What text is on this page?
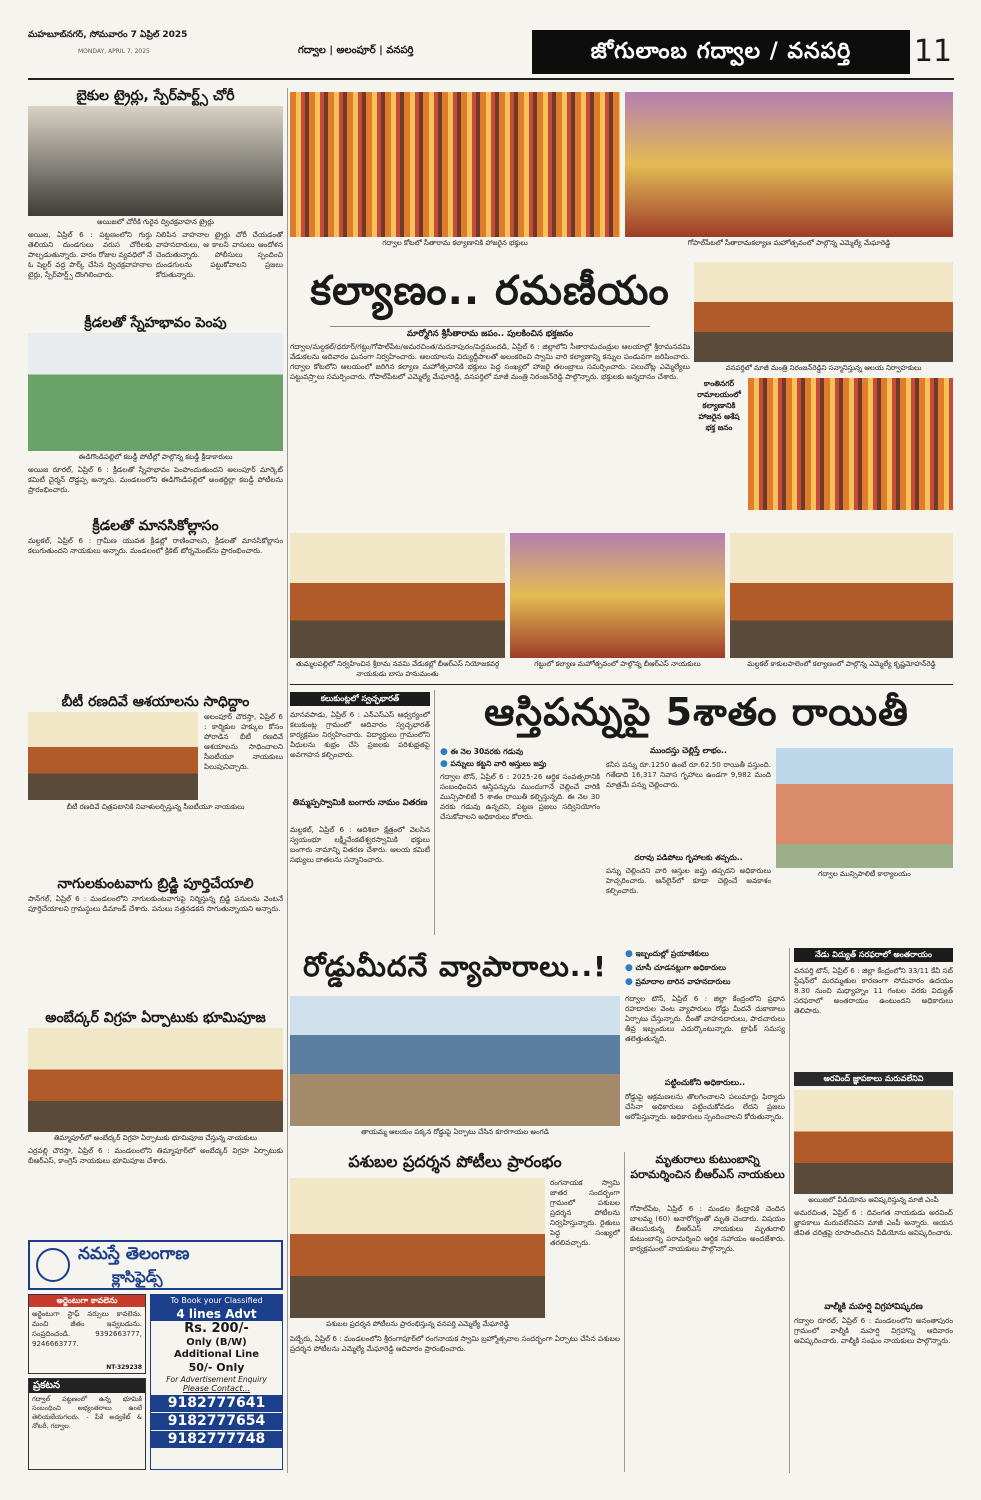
మహబూబ్‌నగర్, సోమవారం 7 ఏప్రిల్ 2025
MONDAY, APRIL 7, 2025	గద్వాల | అలంపూర్ | వనపర్తి	జోగులాంబ గద్వాల / వనపర్తి	11
బైకుల ట్రైర్లు, స్పేర్‌పార్ట్స్ చోరీ
అయిజలో చోరీకి గురైన ద్విచక్రవాహన ట్రైర్లు
అయిజ, ఏప్రిల్ 6 : పట్టణంలోని గుర్తు తెలియని దుండగులు వరుస చోరీలకు పాల్పడుతున్నారు. వారం రోజుల వ్యవధిలో నే ఓ షెల్టర్ వద్ద పార్క్‌ చేసిన ద్విచక్రవాహనాల టైర్లు, స్పేర్‌పార్ట్స్ దొంగిలించారు.
నిలిపిన వాహనాల ట్రైర్లు చోరీ చేయడంతో వాహనదారులు, ఆ కాలనీ వాసులు ఆందోళన చెందుతున్నారు. పోలీసులు స్పందించి దుండగులను పట్టుకోవాలని ప్రజలు కోరుతున్నారు.
క్రీడలతో స్నేహభావం పెంపు
ఈడిగొండిపల్లిలో కబడ్డీ పోటీల్లో పాల్గొన్న కబడ్డీ క్రీడాకారులు
అయిజ రూరల్, ఏప్రిల్ 6 : క్రీడలతో స్నేహభావం పెంపొందుతుందని అలంపూర్ మార్కెట్ కమిటీ చైర్మన్ దొడ్డప్ప అన్నారు. మండలంలోని ఈడిగొండిపల్లిలో అంతర్జిల్లా కబడ్డీ పోటీలను ప్రారంభించారు.
క్రీడలతో మానసికోల్లాసం
మల్దకల్, ఏప్రిల్ 6 : గ్రామీణ యువత క్రీడల్లో రాణించాలని, క్రీడలతో మానసికోల్లాసం కలుగుతుందని నాయకులు అన్నారు. మండలంలో క్రికెట్ టోర్నమెంట్‌ను ప్రారంభించారు.
బీటీ రణదివే ఆశయాలను సాధిద్దాం
అలంపూర్ చౌరస్తా, ఏప్రిల్ 6 : కార్మికుల హక్కుల కోసం పోరాడిన బీటీ రణదివే ఆశయాలను సాధించాలని సీఐటీయూ నాయకులు పిలుపునిచ్చారు.
బీటీ రణదివే చిత్రపటానికి నివాళులర్పిస్తున్న సీఐటీయూ నాయకులు
నాగులకుంటవాగు బ్రిడ్జి పూర్తిచేయాలి
పాన్‌గల్, ఏప్రిల్ 6 : మండలంలోని నాగులకుంటవాగుపై నిర్మిస్తున్న బ్రిడ్జి పనులను వెంటనే పూర్తిచేయాలని గ్రామస్థులు డిమాండ్ చేశారు. పనులు నత్తనడకన సాగుతున్నాయని అన్నారు.
అంబేద్కర్ విగ్రహ ఏర్పాటుకు భూమిపూజ
తిమ్మాపూర్‌లో అంబేద్కర్ విగ్రహ ఏర్పాటుకు భూమిపూజ చేస్తున్న నాయకులు
ఎర్రవల్లి చౌరస్తా, ఏప్రిల్ 6 : మండలంలోని తిమ్మాపూర్‌లో అంబేద్కర్ విగ్రహ ఏర్పాటుకు బీఆర్‌ఎస్, కాంగ్రెస్ నాయకులు భూమిపూజ చేశారు.
నమస్తే తెలంగాణ
క్లాసిఫైడ్స్
అర్జెంటుగా కావలెను
అర్జెంటుగా స్టాఫ్ నర్సులు కావలెను. మంచి జీతం ఇవ్వబడును. సంప్రదించండి. 9392663777, 9246663777.
NT-329238
ప్రకటన
గద్వాల్ పట్టణంలో ఉన్న భూమికి సంబంధించి అభ్యంతరాలు ఉంటే తెలియజేయగలరు. - పీకే అడ్వకేట్ & నోటరీ, గద్వాల.
To Book your Classified
4 lines Advt
Rs. 200/-
Only (B/W)
Additional Line
50/- Only
For Advertisement Enquiry
Please Contact...
9182777641
9182777654
9182777748
గద్వాల కోటలో సీతారామ కల్యాణానికి హాజరైన భక్తులు	గోపాల్‌పేటలో సీతారామకల్యాణ మహోత్సవంలో పాల్గొన్న ఎమ్మెల్యే మేఘారెడ్డి
కల్యాణం.. రమణీయం
మార్మోగిన శ్రీసీతారామ జపం.. పులకించిన భక్తజనం
గద్వాల/మల్దకల్/ధరూర్/గట్టు/గోపాల్‌పేట/అమరచింత/మదనాపురం/పెద్దమందడి, ఏప్రిల్ 6 : జిల్లాలోని సీతారామచంద్రుల ఆలయాల్లో శ్రీరామనవమి వేడుకలను ఆదివారం ఘనంగా నిర్వహించారు. ఆలయాలను విద్యుద్దీపాలతో అలంకరించి స్వామి వారి కల్యాణాన్ని కన్నుల పండువగా జరిపించారు. గద్వాల కోటలోని ఆలయంలో జరిగిన కల్యాణ మహోత్సవానికి భక్తులు పెద్ద సంఖ్యలో హాజరై తలంబ్రాలు సమర్పించారు. పలుచోట్ల ఎమ్మెల్యేలు పట్టువస్ర్తాలు సమర్పించారు. గోపాల్‌పేటలో ఎమ్మెల్యే మేఘారెడ్డి, వనపర్తిలో మాజీ మంత్రి నిరంజన్‌రెడ్డి పాల్గొన్నారు. భక్తులకు అన్నదానం చేశారు.
వనపర్తిలో మాజీ మంత్రి నిరంజన్‌రెడ్డిని సన్మానిస్తున్న ఆలయ నిర్వాహకులు
కాంతినగర్ రామాలయంలో కల్యాణానికి హాజరైన ఆశేష భక్త జనం
తుమ్మలపల్లిలో నిర్వహించిన శ్రీరామ నవమి వేడుకల్లో బీఆర్‌ఎస్ నియోజకవర్గ నాయకుడు బాసు హనుమంతు
గట్టులో కల్యాణ మహోత్సవంలో పాల్గొన్న బీఆర్‌ఎస్ నాయకులు	మల్దకల్ కాకులపాలెంలో కల్యాణంలో పాల్గొన్న ఎమ్మెల్యే కృష్ణమోహన్‌రెడ్డి
కలుకుంట్లలో స్వచ్ఛభారత్
మానవపాడు, ఏప్రిల్ 6 : ఎన్‌ఎస్‌ఎస్ ఆధ్వర్యంలో కలుకుంట్ల గ్రామంలో ఆదివారం స్వచ్ఛభారత్ కార్యక్రమం నిర్వహించారు. విద్యార్థులు గ్రామంలోని వీధులను శుభ్రం చేసి ప్రజలకు పరిశుభ్రతపై అవగాహన కల్పించారు.
తిమ్మప్పస్వామికి బంగారు నామం వితరణ
మల్దకల్, ఏప్రిల్ 6 : ఆదిశిలా క్షేత్రంలో వెలసిన స్వయంభూ లక్ష్మీవేంకటేశ్వరస్వామికి భక్తులు బంగారు నామాన్ని వితరణ చేశారు. ఆలయ కమిటీ సభ్యులు దాతలను సన్మానించారు.
ఆస్తిపన్నుపై 5శాతం రాయితీ
● ఈ నెల 30వరకు గడువు
● పన్నులు కట్టని వారి ఆస్తులు జప్తు
గద్వాల టౌన్, ఏప్రిల్ 6 : 2025-26 ఆర్థిక సంవత్సరానికి సంబంధించిన ఆస్తిపన్నును ముందుగానే చెల్లించే వారికి మున్సిపాలిటీ 5 శాతం రాయితీ కల్పిస్తున్నది. ఈ నెల 30 వరకు గడువు ఉన్నదని, పట్టణ ప్రజలు సద్వినియోగం చేసుకోవాలని అధికారులు కోరారు.
ముందస్తు చెల్లిస్తే లాభం..
కనీస పన్ను రూ.1250 ఉంటే రూ.62.50 రాయితీ వస్తుంది. గతేడాది 16,317 నివాస గృహాలు ఉండగా 9,982 మంది మాత్రమే పన్ను చెల్లించారు.
దరావు పడిపోలు గృహాలకు తప్పదు..
పన్ను చెల్లించని వారి ఆస్తుల జప్తు తప్పదని అధికారులు హెచ్చరించారు. ఆన్‌లైన్‌లో కూడా చెల్లించే అవకాశం కల్పించారు.
గద్వాల మున్సిపాలిటీ కార్యాలయం
రోడ్డుమీదనే వ్యాపారాలు..!	● ఇబ్బందుల్లో ప్రయాణికులు
● చూసీ చూడనట్లుగా అధికారులు
● ప్రమాదాల బారిన వాహనదారులు
తాయమ్మ ఆలయం పక్కన రోడ్డుపై ఏర్పాటు చేసిన కూరగాయల అంగడి
గద్వాల టౌన్, ఏప్రిల్ 6 : జిల్లా కేంద్రంలోని ప్రధాన రహదారుల వెంట వ్యాపారులు రోడ్డు మీదనే దుకాణాలు ఏర్పాటు చేస్తున్నారు. దీంతో వాహనదారులు, పాదచారులు తీవ్ర ఇబ్బందులు ఎదుర్కొంటున్నారు. ట్రాఫిక్ సమస్య తలెత్తుతున్నది.
పట్టించుకోని అధికారులు..
రోడ్డుపై ఆక్రమణలను తొలగించాలని పలుమార్లు ఫిర్యాదు చేసినా అధికారులు పట్టించుకోవడం లేదని ప్రజలు ఆరోపిస్తున్నారు. అధికారులు స్పందించాలని కోరుతున్నారు.
నేడు విద్యుత్ సరఫరాలో అంతరాయం
వనపర్తి టౌన్, ఏప్రిల్ 6 : జిల్లా కేంద్రంలోని 33/11 కేవీ సబ్ స్టేషన్‌లో మరమ్మతుల కారణంగా సోమవారం ఉదయం 8.30 నుంచి మధ్యాహ్నం 11 గంటల వరకు విద్యుత్ సరఫరాలో అంతరాయం ఉంటుందని అధికారులు తెలిపారు.
అరవింద్ జ్ఞాపకాలు మరువలేనివి
అయిజలో వీడియోను ఆవిష్కరిస్తున్న మాజీ ఎంపీ
అమరచింత, ఏప్రిల్ 6 : దివంగత నాయకుడు అరవింద్ జ్ఞాపకాలు మరువలేనివని మాజీ ఎంపీ అన్నారు. ఆయన జీవిత చరిత్రపై రూపొందించిన వీడియోను ఆవిష్కరించారు.
వాల్మీకి మహర్షి విగ్రహావిష్కరణ
గద్వాల రూరల్, ఏప్రిల్ 6 : మండలంలోని అనంతాపురం గ్రామంలో వాల్మీకి మహర్షి విగ్రహాన్ని ఆదివారం ఆవిష్కరించారు. వాల్మీకి సంఘం నాయకులు పాల్గొన్నారు.
పశుబల ప్రదర్శన పోటీలు ప్రారంభం
పశుబల ప్రదర్శన పోటీలను ప్రారంభిస్తున్న వనపర్తి ఎమ్మెల్యే మేఘారెడ్డి
రంగనాయక స్వామి జాతర సందర్భంగా గ్రామంలో పశుబల ప్రదర్శన పోటీలను నిర్వహిస్తున్నారు. రైతులు పెద్ద సంఖ్యలో తరలివచ్చారు.
పెబ్బేరు, ఏప్రిల్ 6 : మండలంలోని శ్రీరంగాపూర్‌లో రంగనాయక స్వామి బ్రహ్మోత్సవాల సందర్భంగా ఏర్పాటు చేసిన పశుబల ప్రదర్శన పోటీలను ఎమ్మెల్యే మేఘారెడ్డి ఆదివారం ప్రారంభించారు.
మృతురాలు కుటుంబాన్ని పరామర్శించిన బీఆర్‌ఎస్ నాయకులు
గోపాల్‌పేట, ఏప్రిల్ 6 : మండల కేంద్రానికి చెందిన బాలమ్మ (60) అనారోగ్యంతో మృతి చెందారు. విషయం తెలుసుకున్న బీఆర్‌ఎస్ నాయకులు మృతురాలి కుటుంబాన్ని పరామర్శించి ఆర్థిక సహాయం అందజేశారు. కార్యక్రమంలో నాయకులు పాల్గొన్నారు.
